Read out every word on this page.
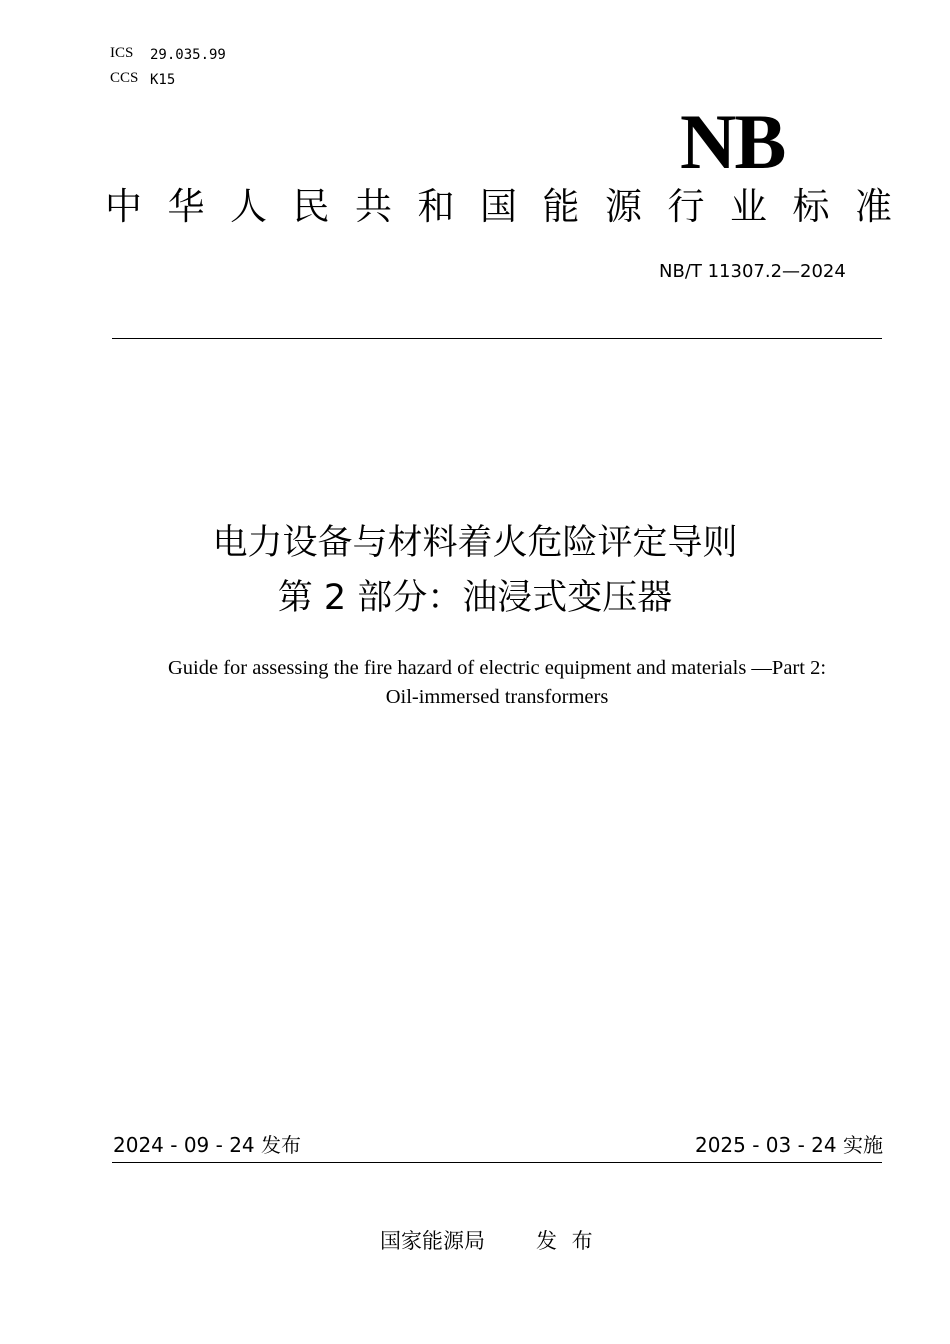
ICS 29.035.99
CCS K15
NB
中华人民共和国能源行业标准
NB/T 11307.2—2024
电力设备与材料着火危险评定导则
第 2 部分：油浸式变压器
Guide for assessing the fire hazard of electric equipment and materials —Part 2:
Oil-immersed transformers
2024 - 09 - 24 发布	2025 - 03 - 24 实施
国家能源局 发 布
